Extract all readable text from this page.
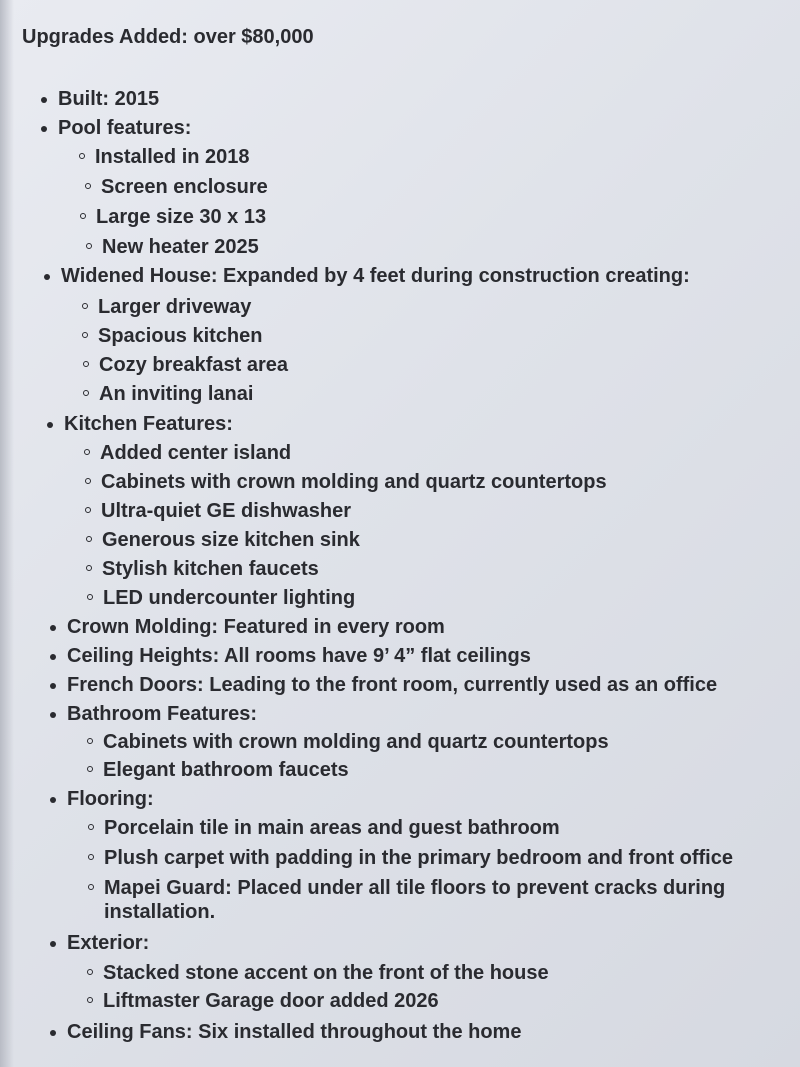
Upgrades Added: over $80,000
Built: 2015
Pool features:
Installed in 2018
Screen enclosure
Large size 30 x 13
New heater 2025
Widened House: Expanded by 4 feet during construction creating:
Larger driveway
Spacious kitchen
Cozy breakfast area
An inviting lanai
Kitchen Features:
Added center island
Cabinets with crown molding and quartz countertops
Ultra-quiet GE dishwasher
Generous size kitchen sink
Stylish kitchen faucets
LED undercounter lighting
Crown Molding: Featured in every room
Ceiling Heights: All rooms have 9’ 4” flat ceilings
French Doors: Leading to the front room, currently used as an office
Bathroom Features:
Cabinets with crown molding and quartz countertops
Elegant bathroom faucets
Flooring:
Porcelain tile in main areas and guest bathroom
Plush carpet with padding in the primary bedroom and front office
Mapei Guard: Placed under all tile floors to prevent cracks during installation.
Exterior:
Stacked stone accent on the front of the house
Liftmaster Garage door added 2026
Ceiling Fans: Six installed throughout the home
